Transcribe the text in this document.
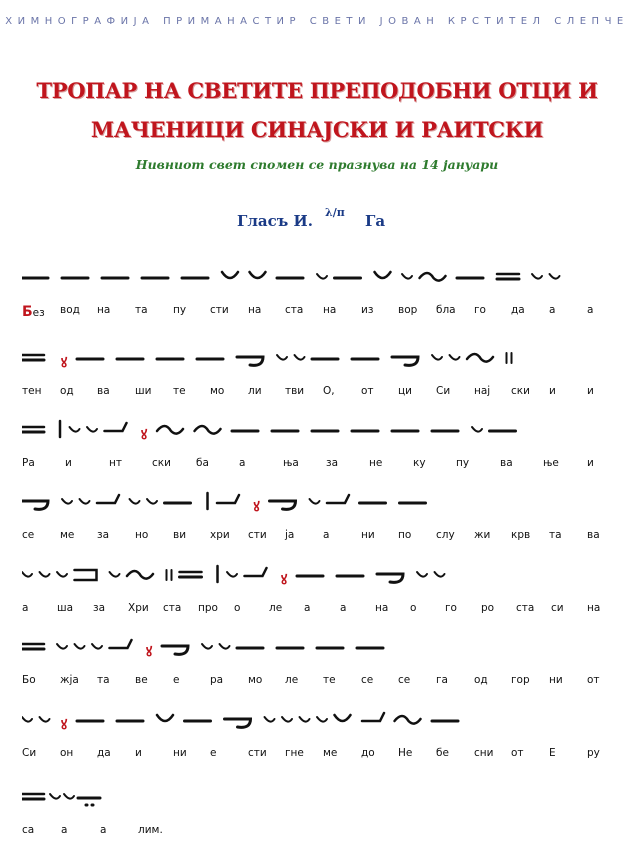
ХИМНОГРАФИЈА ПРИМАНАСТИР СВЕТИ ЈОВАН КРСТИТЕЛ СЛЕПЧЕ
ТРОПАР НА СВЕТИТЕ ПРЕПОДОБНИ ОТЦИ И
МАЧЕНИЦИ СИНАЈСКИ И РАИТСКИ
Нивниот свет спомен се празнува на 14 јануари
Гласъ И. λ/π Га
Без вод на та пу сти на ста на из вор бла го да а	а
ꙋ
тен од ва ши те мо ли тви О,	от ци Си нај ски и	и
ꙋ
Ра	и	нт	ски ба	а	ња	за	не	ку	пу	ва	ње	и
ꙋ
се ме за но ви хри сти ја	а	ни по слу жи крв та ва
ꙋ
а	ша за Хри ста про о	ле а	а	на о	го ро ста си на
ꙋ
Бо жја та ве е	ра мо ле те се се га од гор ни от
ꙋ
Си он да и	ни е	сти гне ме до Не бе сни от Е	ру
са	а	а	лим.
